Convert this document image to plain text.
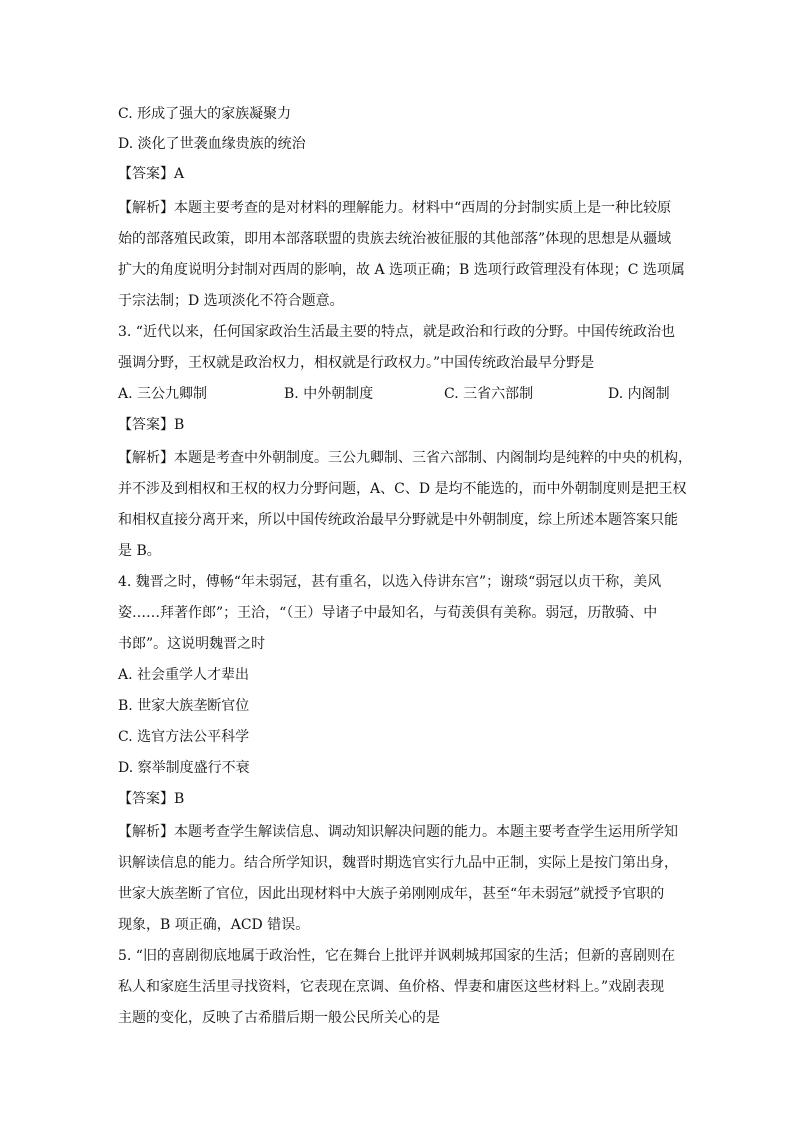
C. 形成了强大的家族凝聚力
D. 淡化了世袭血缘贵族的统治
【答案】A
【解析】本题主要考查的是对材料的理解能力。材料中“西周的分封制实质上是一种比较原
始的部落殖民政策，即用本部落联盟的贵族去统治被征服的其他部落”体现的思想是从疆域
扩大的角度说明分封制对西周的影响，故 A 选项正确；B 选项行政管理没有体现；C 选项属
于宗法制；D 选项淡化不符合题意。
3. “近代以来，任何国家政治生活最主要的特点，就是政治和行政的分野。中国传统政治也
强调分野，王权就是政治权力，相权就是行政权力。”中国传统政治最早分野是
A. 三公九卿制	B. 中外朝制度	C. 三省六部制	D. 内阁制
【答案】B
【解析】本题是考查中外朝制度。三公九卿制、三省六部制、内阁制均是纯粹的中央的机构，
并不涉及到相权和王权的权力分野问题，A、C、D 是均不能选的，而中外朝制度则是把王权
和相权直接分离开来，所以中国传统政治最早分野就是中外朝制度，综上所述本题答案只能
是 B。
4. 魏晋之时，傅畅“年未弱冠，甚有重名，以选入侍讲东宫”；谢琰“弱冠以贞干称，美风
姿……拜著作郎”；王洽，“（王）导诸子中最知名，与荀羡俱有美称。弱冠，历散骑、中
书郎”。这说明魏晋之时
A. 社会重学人才辈出
B. 世家大族垄断官位
C. 选官方法公平科学
D. 察举制度盛行不衰
【答案】B
【解析】本题考查学生解读信息、调动知识解决问题的能力。本题主要考查学生运用所学知
识解读信息的能力。结合所学知识，魏晋时期选官实行九品中正制，实际上是按门第出身，
世家大族垄断了官位，因此出现材料中大族子弟刚刚成年，甚至“年未弱冠”就授予官职的
现象，B 项正确，ACD 错误。
5. “旧的喜剧彻底地属于政治性，它在舞台上批评并讽刺城邦国家的生活；但新的喜剧则在
私人和家庭生活里寻找资料，它表现在烹调、鱼价格、悍妻和庸医这些材料上。”戏剧表现
主题的变化，反映了古希腊后期一般公民所关心的是
